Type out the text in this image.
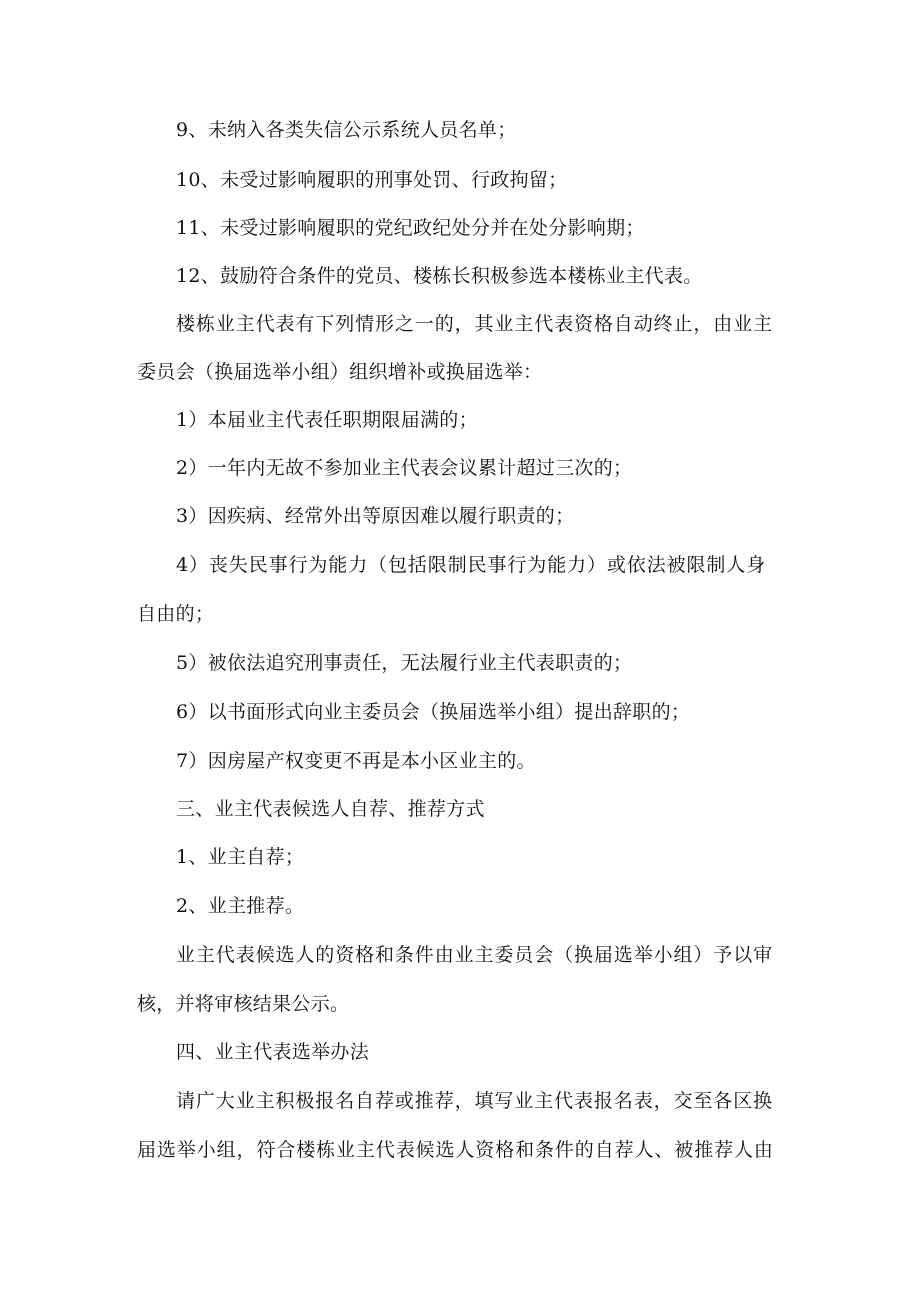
9、未纳入各类失信公示系统人员名单；
10、未受过影响履职的刑事处罚、行政拘留；
11、未受过影响履职的党纪政纪处分并在处分影响期；
12、鼓励符合条件的党员、楼栋长积极参选本楼栋业主代表。
楼栋业主代表有下列情形之一的，其业主代表资格自动终止，由业主
委员会（换届选举小组）组织增补或换届选举：
1）本届业主代表任职期限届满的；
2）一年内无故不参加业主代表会议累计超过三次的；
3）因疾病、经常外出等原因难以履行职责的；
4）丧失民事行为能力（包括限制民事行为能力）或依法被限制人身
自由的；
5）被依法追究刑事责任，无法履行业主代表职责的；
6）以书面形式向业主委员会（换届选举小组）提出辞职的；
7）因房屋产权变更不再是本小区业主的。
三、业主代表候选人自荐、推荐方式
1、业主自荐；
2、业主推荐。
业主代表候选人的资格和条件由业主委员会（换届选举小组）予以审
核，并将审核结果公示。
四、业主代表选举办法
请广大业主积极报名自荐或推荐，填写业主代表报名表，交至各区换
届选举小组，符合楼栋业主代表候选人资格和条件的自荐人、被推荐人由
